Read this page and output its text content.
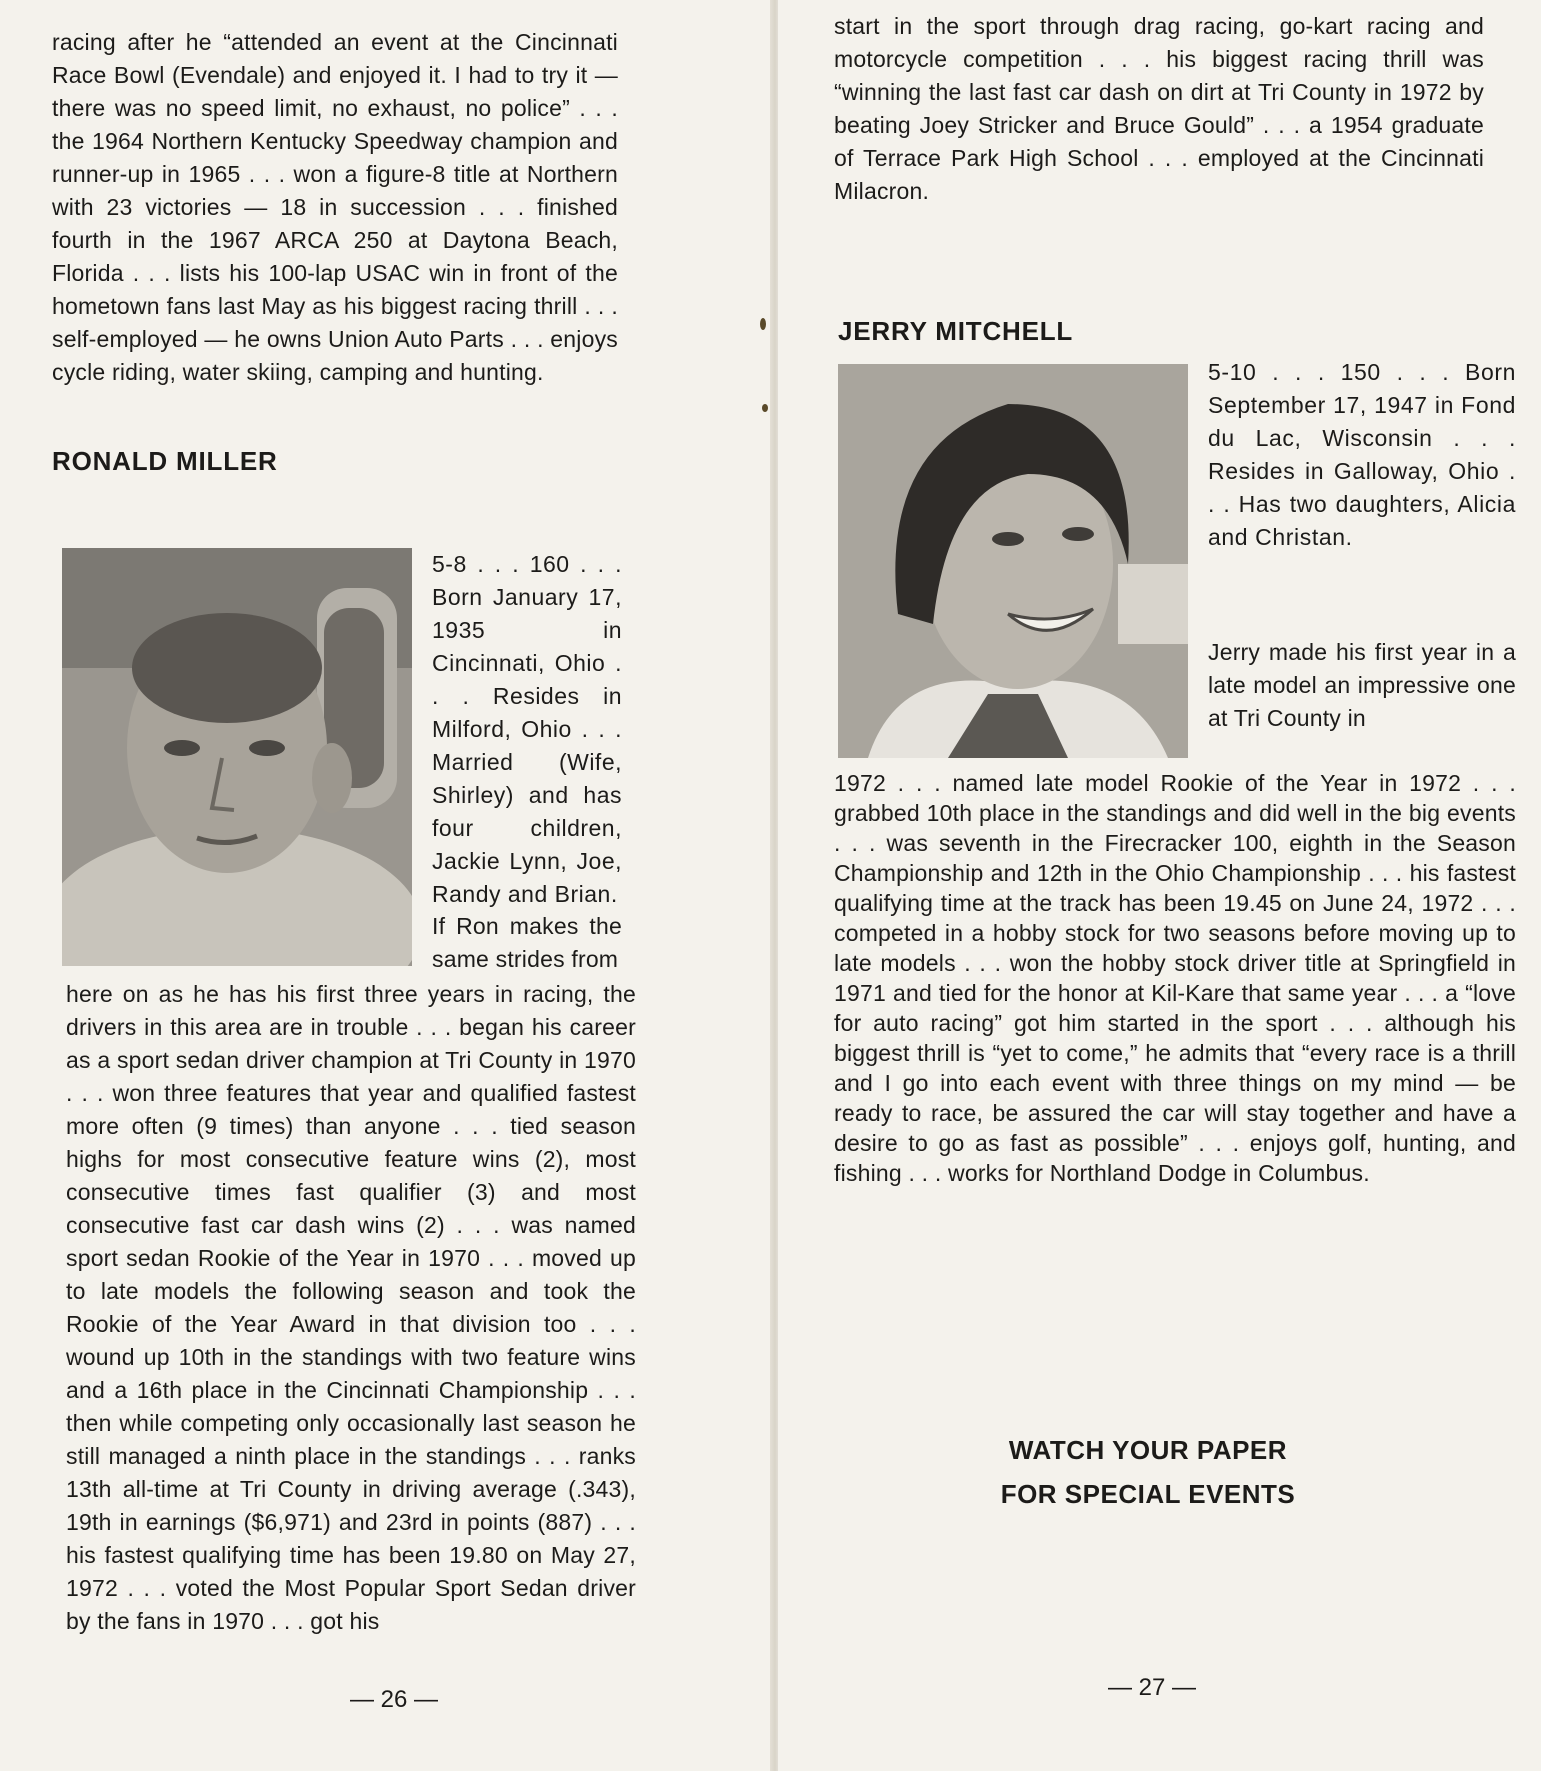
racing after he “attended an event at the Cincinnati Race Bowl (Evendale) and enjoyed it. I had to try it — there was no speed limit, no exhaust, no police” . . . the 1964 Northern Kentucky Speedway champion and runner-up in 1965 . . . won a figure-8 title at Northern with 23 victories — 18 in succession . . . finished fourth in the 1967 ARCA 250 at Daytona Beach, Florida . . . lists his 100-lap USAC win in front of the hometown fans last May as his biggest racing thrill . . . self-employed — he owns Union Auto Parts . . . enjoys cycle riding, water skiing, camping and hunting.

RONALD MILLER

5-8 . . . 160 . . . Born January 17, 1935 in Cincinnati, Ohio . . . Resides in Milford, Ohio . . . Married (Wife, Shirley) and has four children, Jackie Lynn, Joe, Randy and Brian.

If Ron makes the same strides from

here on as he has his first three years in racing, the drivers in this area are in trouble . . . began his career as a sport sedan driver champion at Tri County in 1970 . . . won three features that year and qualified fastest more often (9 times) than anyone . . . tied season highs for most consecutive feature wins (2), most consecutive times fast qualifier (3) and most consecutive fast car dash wins (2) . . . was named sport sedan Rookie of the Year in 1970 . . . moved up to late models the following season and took the Rookie of the Year Award in that division too . . . wound up 10th in the standings with two feature wins and a 16th place in the Cincinnati Championship . . . then while competing only occasionally last season he still managed a ninth place in the standings . . . ranks 13th all-time at Tri County in driving average (.343), 19th in earnings ($6,971) and 23rd in points (887) . . . his fastest qualifying time has been 19.80 on May 27, 1972 . . . voted the Most Popular Sport Sedan driver by the fans in 1970 . . . got his

— 26 —

start in the sport through drag racing, go-kart racing and motorcycle competition . . . his biggest racing thrill was “winning the last fast car dash on dirt at Tri County in 1972 by beating Joey Stricker and Bruce Gould” . . . a 1954 graduate of Terrace Park High School . . . employed at the Cincinnati Milacron.

JERRY MITCHELL

5-10 . . . 150 . . . Born September 17, 1947 in Fond du Lac, Wisconsin . . . Resides in Galloway, Ohio . . . Has two daughters, Alicia and Christan.

Jerry made his first year in a late model an impressive one at Tri County in

1972 . . . named late model Rookie of the Year in 1972 . . . grabbed 10th place in the standings and did well in the big events . . . was seventh in the Firecracker 100, eighth in the Season Championship and 12th in the Ohio Championship . . . his fastest qualifying time at the track has been 19.45 on June 24, 1972 . . . competed in a hobby stock for two seasons before moving up to late models . . . won the hobby stock driver title at Springfield in 1971 and tied for the honor at Kil-Kare that same year . . . a “love for auto racing” got him started in the sport . . . although his biggest thrill is “yet to come,” he admits that “every race is a thrill and I go into each event with three things on my mind — be ready to race, be assured the car will stay together and have a desire to go as fast as possible” . . . enjoys golf, hunting, and fishing . . . works for Northland Dodge in Columbus.

WATCH YOUR PAPER
FOR SPECIAL EVENTS

— 27 —
